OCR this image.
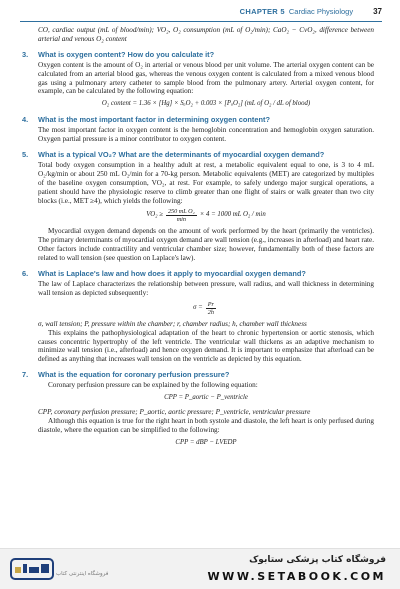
CHAPTER 5 Cardiac Physiology	37

CO, cardiac output (mL of blood/min); VO₂, O₂ consumption (mL of O₂/min); CaO₂ − CvO₂, difference between arterial and venous O₂ content

3.	What is oxygen content? How do you calculate it?

Oxygen content is the amount of O₂ in arterial or venous blood per unit volume. The arterial oxygen content can be calculated from an arterial blood gas, whereas the venous oxygen content is calculated from a mixed venous blood gas using a pulmonary artery catheter to sample blood from the pulmonary artery. Arterial oxygen content, for example, can be calculated by the following equation:

O₂ content = 1.36 × [Hg] × SₐO₂ + 0.003 × [PₐO₂] (mL of O₂ / dL of blood)
4.	What is the most important factor in determining oxygen content?

The most important factor in oxygen content is the hemoglobin concentration and hemoglobin oxygen saturation. Oxygen partial pressure is a minor contributor to oxygen content.

5.	What is a typical VO₂? What are the determinants of myocardial oxygen demand?

Total body oxygen consumption in a healthy adult at rest, a metabolic equivalent equal to one, is 3 to 4 mL O₂/kg/min or about 250 mL O₂/min for a 70-kg person. Metabolic equivalents (MET) are categorized by multiples of the baseline oxygen consumption, VO₂, at rest. For example, to safely undergo major surgical operations, a patient should have the physiologic reserve to climb greater than one flight of stairs or walk greater than two city blocks (i.e., MET ≥4), which yields the following:

$VO_2 \ge \frac{\text{250 mL O₂}}{\min} \times 4 = 1000$ mL O₂ / min

Myocardial oxygen demand depends on the amount of work performed by the heart (primarily the ventricles). The primary determinants of myocardial oxygen demand are wall tension (e.g., increases in afterload) and heart rate. Other factors include contractility and ventricular chamber size; however, fundamentally both of these factors are related to wall tension (see question on Laplace's law).

6.	What is Laplace's law and how does it apply to myocardial oxygen demand?

The law of Laplace characterizes the relationship between pressure, wall radius, and wall thickness in determining wall tension as depicted subsequently:

$\sigma = \frac{Pr}{2h}$

σ, wall tension; P, pressure within the chamber; r, chamber radius; h, chamber wall thickness

This explains the pathophysiological adaptation of the heart to chronic hypertension or aortic stenosis, which causes concentric hypertrophy of the left ventricle. The ventricular wall thickens as an adaptive mechanism to minimize wall tension (i.e., afterload) and hence oxygen demand. It is important to emphasize that afterload can be defined as anything that increases wall tension on the ventricle as depicted by this equation.

7.	What is the equation for coronary perfusion pressure?

Coronary perfusion pressure can be explained by the following equation:

CPP = P_aortic − P_ventricle

CPP, coronary perfusion pressure; P_aortic, aortic pressure; P_ventricle, ventricular pressure

Although this equation is true for the right heart in both systole and diastole, the left heart is only perfused during diastole, where the equation can be simplified to the following:

CPP = dBP − LVEDP
فروشگاه اینترنتی کتاب
فروشگاه کتاب پزشکی ستابوک
WWW.SETABOOK.COM
